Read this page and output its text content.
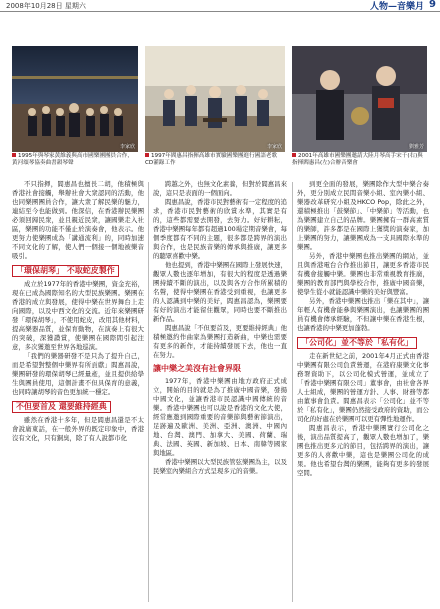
2008年10月28日 星期六	人物—音樂月 9
李家欣	李家欣	劉雅芳
1995年與琴家黃維義與高市國樂團團員合作，黃河頌琴協奏曲書韻琴聲
1997年閻惠昌指揮高雄市實驗國樂團進行國語老歌CD灌錄工作
2001年高雄市國樂團邀請大陸月琴高手宋千(右)與指揮閻惠昌(左)合辦音樂會

不只指揮，閻惠昌也擅長二胡，他積極與香港社會接觸，舉辦社會大衆認同的活動，他也同樂團團員合作，讓大衆了解民樂的魅力，連結至今也能做到。他深信，在香港辦民樂團必須回歸民衆，並且親近民衆，讓國樂走入社區，樂團的功能不僅止於演奏會，他表示。他更努力使樂團成為「講通流利」的，同時加速不同文化的了解，使人們一個接一個地被樂音吸引。

「環保胡琴」 不取蛇皮製作

成立於1977年的香港中樂團，資金充裕，現在已成為國際知名的大型民族樂團。樂團在香港的成立與發展，使得中樂在世界舞台上走向國際，以及中西文化的交流。近年來樂團研發「環保胡琴」，不使用蛇皮，改用其他材料，提高樂器品質，並保育動物，在演奏上有很大的突破，深獲讚賞，使樂團在國際間引起注意，多次獲邀至世界各地巡演。

「我們的樂器研發不是只為了提升自己，而是希望對整個中樂界有所貢獻」閻惠昌說，樂團研發的環保胡琴已經量產，並且提供給學生與團員使用，這個計畫不但具保育的意義，也同時讓胡琴的音色更加統一穩定。

不但要首及 還要維持經典

雖然在香港十多年，但是閻惠昌還是不太會說廣東話，在一般外界的既定印象中，香港沒有文化，只有銅臭，除了有人說都市化

跨越之外，也無文化素養，但對於閻惠昌來說，這只是表面的一個面向。

閻惠昌說，香港市民對藝術有一定程度的追求，香港市民對藝術的欣賞水準，其實是有的，這些都需要去開發，去努力。好好耕耘，香港中樂團每年都有超過100場定期音樂會，每個季度都有不同的主題，很多都是跨界的演出與合作，也是民族音樂的傳承與推廣，讓更多的聽眾喜歡中樂。

他也提到，香港中樂團在國際上發展快速，觀眾人數也逐年增加，有很大的程度是透過樂團持續不斷的演出，以及與各方合作所累積的名聲，使得中樂團在香港受到重視，也讓更多的人認識到中樂的美好，閻惠昌認為，樂團要有好的演出才能留住觀眾，同時也要不斷推出新作品。

閻惠昌說「不但要首及，更要維持經典」他積極邀約作曲家為樂團打造新曲，中樂也需要有更多的新作，才能持續發展下去，他也一直在努力。

讓中樂之美沒有社會界限

1977年，香港中樂團由地方政府正式成立，開始的目的就是為了推廣中國音樂，發揚中國文化，並讓香港市民認識中國傳統的音樂。香港中樂團也可以說是香港的文化大使，經常應邀到國際重要的音樂節與藝術節演出，足跡遍及歐洲、美洲、亞洲、澳洲、中國內地、台灣、澳門、加拿大、美國、荷蘭、瑞典、法國、英國、新加坡、日本、南韓等國家與地區。

香港中樂團以大型民族管弦樂團為主，以及民樂室內樂組合方式呈現多元的音樂。

到更全面的發展，樂團除作大型中樂合奏外，更分別成立民間音樂小組、室內樂小組、樂器改革研究小組及HKCO Pop，除此之外，還積極推出「鼓樂節」、「中樂節」等活動，也為樂團建立自己的品牌。樂團擁有一群高素質的樂師，許多都是在國際上獲獎的演奏家，加上樂團的努力，讓樂團成為一支具國際水準的樂團。

另外，香港中樂團也推出樂團的網站，並且與香港電台合作推出節目，讓更多香港市民有機會接觸中樂。樂團也非常重視教育推廣，樂團的教育部門與學校合作，推廣中國音樂，使學生從小就能認識中樂的美好與豐富。

另外，香港中樂團也推出「樂在其中」，讓年輕人有機會能參與樂團演出，也讓樂團的團員有機會傳承經驗，不但讓中樂在香港生根，也讓香港的中樂更加蓬勃。

「公司化」並不等於「私有化」

走在新世紀之前，2001年4月正式由香港中樂團有限公司負責營運，在港府康樂文化事務署資助下，以公司化模式營運，並成立了「香港中樂團有限公司」董事會，由社會各界人士組成，樂團的營運方針、人事、財務等都由董事會負責。閻惠昌表示「公司化」並不等於「私有化」，樂團仍然接受政府的資助，而公司化的好處在於樂團可以更有彈性地運作。

閻惠昌表示，香港中樂團實行公司化之後，演出品質提高了，觀眾人數也增加了，樂團也推出更多元的節目，包括跨界的演出，讓更多的人喜歡中樂，這也是樂團公司化的成果。他也希望台灣的樂團，能夠有更多的發展空間。
